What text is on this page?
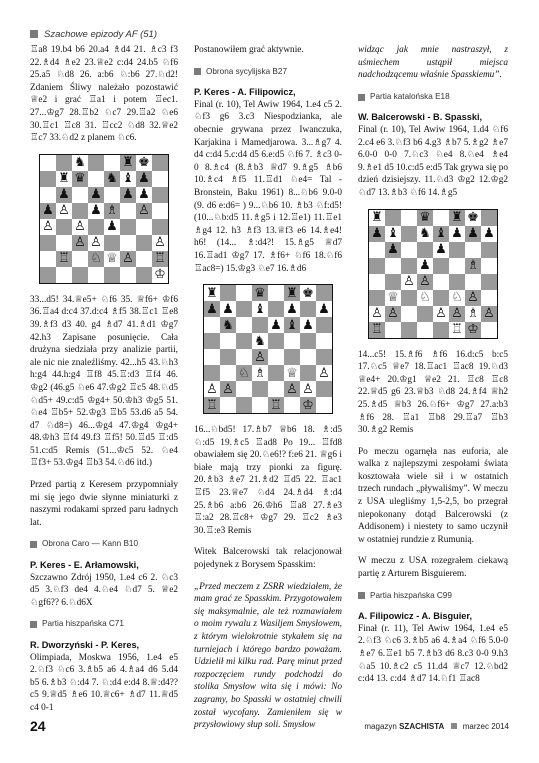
Szachowe epizody AF (51)

♖a8 19.b4 b6 20.a4 ♗d4 21. ♗c3 f3 22.♗d4 ♗e2 23.♕e2 c:d4 24.b5 ♘f6 25.a5 ♘d8 26. a:b6 ♘:b6 27.♘d2! Zdaniem Śliwy należało pozostawić ♕e2 i grać ♖a1 i potem ♖ec1. 27...♔g7 28.♖b2 ♘c7 29.♖a2 ♘e6 30.♖c1 ♖c8 31. ♖cc2 ♘d8 32.♕e2 ♖c7 33.♘d2 z planem ♘c6.

♞	♜ ♚
♜ ♛ ♞ ♝ ♟
♟ ♟ ♟ ♟
♟ ♙ ♟ ♗ ♙
♙ ♙ ♟
♙ ♙	♙
♖ ♘ ♕ ♙ ♖
♔

33...d5! 34.♕e5+ ♘f6 35. ♕f6+ ♔f6 36.♖a4 d:c4 37.d:c4 ♗f5 38.♖c1 ♖e8 39.♗f3 d3 40. g4 ♗d7 41.♗d1 ♔g7 42.h3 Zapisane posunięcie. Cała drużyna siedziała przy analizie partii, ale nic nie znaleźliśmy. 42...h5 43.♘h3 h:g4 44.h:g4 ♖f8 45.♖:d3 ♖f4 46. ♔g2 (46.g5 ♘e6 47.♔g2 ♖c5 48.♘d5 ♘d5+ 49.c:d5 ♔g4+ 50.♔h3 ♔g5 51. ♘e4 ♖b5+ 52.♔g3 ♖b5 53.d6 a5 54. d7 ♘d8=) 46...♔g4 47.♔g4 ♔g4+ 48.♔h3 ♖f4 49.f3 ♖f5! 50.♖d5 ♖:d5 51.c:d5 Remis (51...♔c5 52. ♘e4 ♖f3+ 53.♔g4 ♖b3 54.♘d6 itd.)

Przed partią z Keresem przypomniały mi się jego dwie słynne miniaturki z naszymi rodakami sprzed paru ładnych lat.

Obrona Caro — Kann B10
P. Keres - E. Arłamowski,

Szczawno Zdrój 1950, 1.e4 c6 2. ♘c3 d5 3.♘f3 de4 4.♘e4 ♘d7 5. ♕e2 ♘gf6?? 6.♘d6X

Partia hiszpańska C71
R. Dworzyński - P. Keres,

Olimpiada, Moskwa 1956, 1.e4 e5 2.♘f3 ♘c6 3.♗b5 a6 4.♗a4 d6 5.d4 b5 6.♗b3 ♘:d4 7. ♘:d4 e:d4 8.♕:d4?? c5 9.♕d5 ♗e6 10.♕c6+ ♗d7 11.♕d5 c4 0-1

Postanowiłem grać aktywnie.

Obrona sycylijska B27
P. Keres - A. Filipowicz,

Final (r. 10), Tel Awiw 1964, 1.e4 c5 2. ♘f3 g6 3.c3 Niespodzianka, ale obecnie grywana przez Iwanczuka, Karjakina i Mamedjarowa. 3...♗g7 4. d4 c:d4 5.c:d4 d5 6.e:d5 ♘f6 7. ♗c3 0-0 8.♗c4 (8.♗b3 ♕d7 9.♗g5 ♗b6 10.♗c4 ♗f5 11.♖d1 ♘e4= Tal - Bronstein, Baku 1961) 8...♘b6 9.0-0 (9. d6 e:d6= ) 9...♘b6 10. ♗b3 ♘f:d5! (10...♘b:d5 11.♗g5 i 12.♖e1) 11.♖e1 ♗g4 12. h3 ♗f3 13.♕f3 e6 14.♗e4! h6! (14... ♗:d4?! 15.♗g5 ♕d7 16.♖ad1 ♔g7 17. ♗f6+ ♘f6 18.♘f6 ♖ac8=) 15.♔g3 ♘e7 16.♗d6

♜	♛ ♜ ♚
♟ ♟ ♝ ♟ ♟
♞	♟ ♝ ♟
♞
♙
♘ ♗ ♕ ♙
♙ ♙	♙ ♙
♖	♖ ♔

16...♘bd5! 17.♗b7 ♕b6 18. ♗:d5 ♘:d5 19.♗c5 ♖ad8 Po 19... ♖fd8 obawiałem się 20.♘e6!? f:e6 21. ♕g6 i białe mają trzy pionki za figurę. 20.♗b3 ♗e7 21.♗d2 ♖d5 22. ♖ac1 ♖f5 23.♕e7 ♘d4 24.♗d4 ♗:d4 25.♗b6 a:b6 26.♔h6 ♖a8 27.♗e3 ♖:a2 28.♖c8+ ♔g7 29. ♖c2 ♗e3 30.♖:e3 Remis

Witek Balcerowski tak relacjonował pojedynek z Borysem Spasskim:

„Przed meczem z ZSRR wiedziałem, że mam grać ze Spasskim. Przygotowałem się maksymalnie, ale też rozmawiałem o moim rywalu z Wasiljem Smysłowem, z którym wielokrotnie stykałem się na turniejach i którego bardzo poważam. Udzielił mi kilku rad. Parę minut przed rozpoczęciem rundy podchodzi do stolika Smysłow wita się i mówi: No zagramy, bo Spasski w ostatniej chwili został wycofany. Zamieniłem się w przysłowiowy słup soli. Smysłow

widząc jak mnie nastraszył, z uśmiechem ustąpił miejsca nadchodzącemu właśnie Spasskiemu”.

Partia katalońska E18
W. Balcerowski - B. Spasski,

Final (r. 10), Tel Awiw 1964, 1.d4 ♘f6 2.c4 e6 3.♘f3 b6 4.g3 ♗b7 5.♗g2 ♗e7 6.0-0 0-0 7.♘c3 ♘e4 8.♘e4 ♗e4 9.♗e1 d5 10.c:d5 e:d5 Tak grywa się po dzień dzisiejszy. 11.♘d3 ♔g2 12.♔g2 ♘d7 13.♗b3 ♘f6 14.♗g5

♜	♛ ♜ ♚
♟ ♝ ♞ ♝ ♟ ♟ ♟
♟	♟
♟	♗
♙ ♙
♕ ♘ ♘ ♙
♙ ♙	♙ ♙ ♗ ♙
♖	♖ ♔

14...c5! 15.♗f6 ♗f6 16.d:c5 b:c5 17.♘c5 ♕e7 18.♖ac1 ♖ac8 19.♘d3 ♕e4+ 20.♔g1 ♕e2 21. ♖c8 ♖c8 22.♕d5 g6 23.♕b3 ♘d8 24.♗f4 ♕h2 25.♗d5 ♕b3 26.♘f6+ ♔g7 27.a:b3 ♗f6 28. ♖a1 ♖b8 29.♖a7 ♖b3 30.♗g2 Remis

Po meczu ogarnęła nas euforia, ale walka z najlepszymi zespołami świata kosztowała wiele sił i w ostatnich trzech rundach „pływaliśmy”. W meczu z USA ulegliśmy 1,5-2,5, bo przegrał niepokonany dotąd Balcerowski (z Addisonem) i niestety to samo uczynił w ostatniej rundzie z Rumunią.

W meczu z USA rozegrałem ciekawą partię z Arturem Bisguierem.

Partia hiszpańska C99
A. Filipowicz - A. Bisguier,

Finał (r. 11), Tel Awiw 1964, 1.e4 e5 2.♘f3 ♘c6 3.♗b5 a6 4.♗a4 ♘f6 5.0-0 ♗e7 6.♖e1 b5 7.♗b3 d6 8.c3 0-0 9.h3 ♘a5 10.♗c2 c5 11.d4 ♕c7 12.♘bd2 c:d4 13. c:d4 ♗d7 14.♘f1 ♖ac8

24	magazyn SZACHISTA marzec 2014
